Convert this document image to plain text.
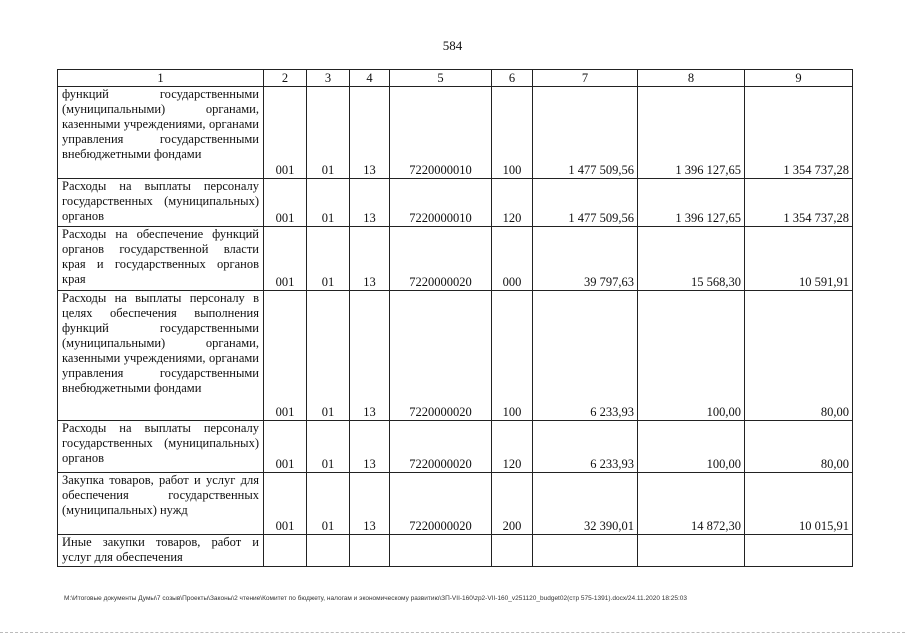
584
1	2	3	4	5	6	7	8	9
функций государственными (муниципальными) органами, казенными учреждениями, органами управления государственными внебюджетными фондами	001	01	13	7220000010	100	1 477 509,56	1 396 127,65	1 354 737,28
Расходы на выплаты персоналу государственных (муниципальных) органов	001	01	13	7220000010	120	1 477 509,56	1 396 127,65	1 354 737,28
Расходы на обеспечение функций органов государственной власти края и государственных органов края	001	01	13	7220000020	000	39 797,63	15 568,30	10 591,91
Расходы на выплаты персоналу в целях обеспечения выполнения функций государственными (муниципальными) органами, казенными учреждениями, органами управления государственными внебюджетными фондами	001	01	13	7220000020	100	6 233,93	100,00	80,00
Расходы на выплаты персоналу государственных (муниципальных) органов	001	01	13	7220000020	120	6 233,93	100,00	80,00
Закупка товаров, работ и услуг для обеспечения государственных (муниципальных) нужд	001	01	13	7220000020	200	32 390,01	14 872,30	10 015,91
Иные закупки товаров, работ и услуг для обеспечения								
M:\Итоговые документы Думы\7 созыв\Проекты\Законы\2 чтение\Комитет по бюджету, налогам и экономическому развитию\ЗП-VII-160\zp2-VII-160_v251120_budget02(стр 575-1391).docx/24.11.2020 18:25:03
